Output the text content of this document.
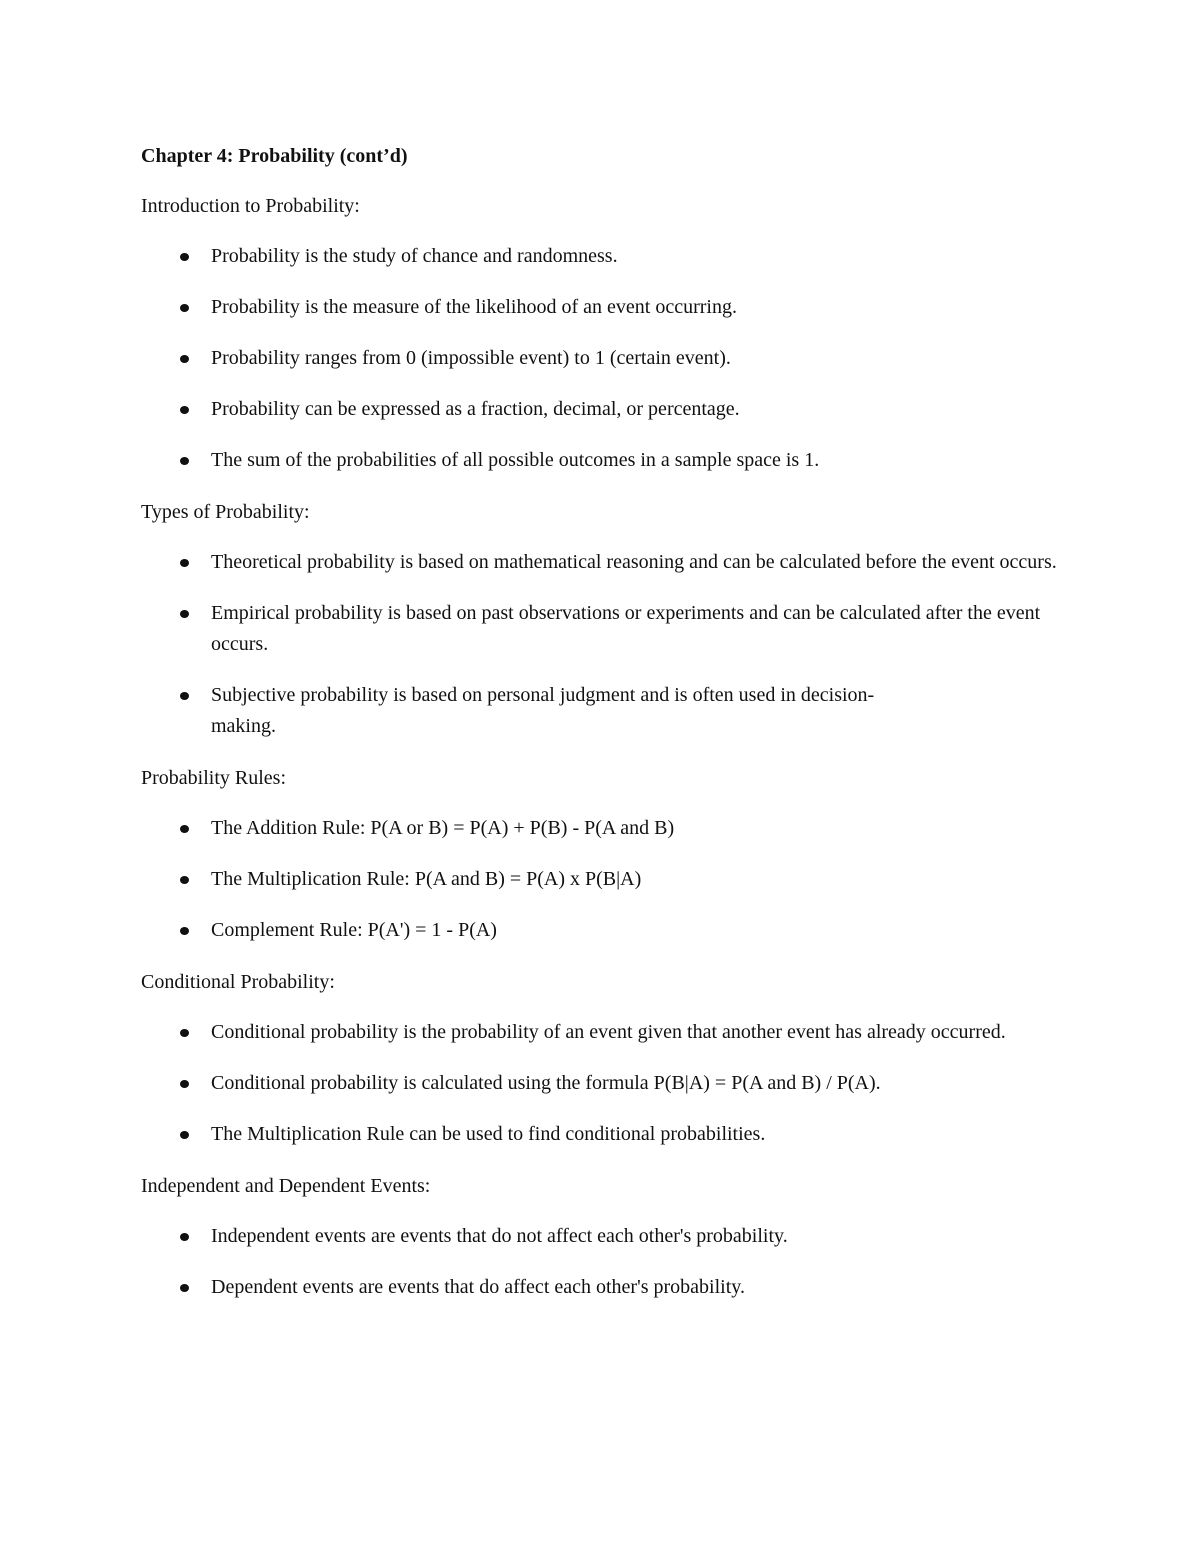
Chapter 4: Probability (cont’d)
Introduction to Probability:
Probability is the study of chance and randomness.
Probability is the measure of the likelihood of an event occurring.
Probability ranges from 0 (impossible event) to 1 (certain event).
Probability can be expressed as a fraction, decimal, or percentage.
The sum of the probabilities of all possible outcomes in a sample space is 1.
Types of Probability:
Theoretical probability is based on mathematical reasoning and can be calculated before the event occurs.
Empirical probability is based on past observations or experiments and can be calculated after the event occurs.
Subjective probability is based on personal judgment and is often used in decision-making.
Probability Rules:
The Addition Rule: P(A or B) = P(A) + P(B) - P(A and B)
The Multiplication Rule: P(A and B) = P(A) x P(B|A)
Complement Rule: P(A') = 1 - P(A)
Conditional Probability:
Conditional probability is the probability of an event given that another event has already occurred.
Conditional probability is calculated using the formula P(B|A) = P(A and B) / P(A).
The Multiplication Rule can be used to find conditional probabilities.
Independent and Dependent Events:
Independent events are events that do not affect each other's probability.
Dependent events are events that do affect each other's probability.
